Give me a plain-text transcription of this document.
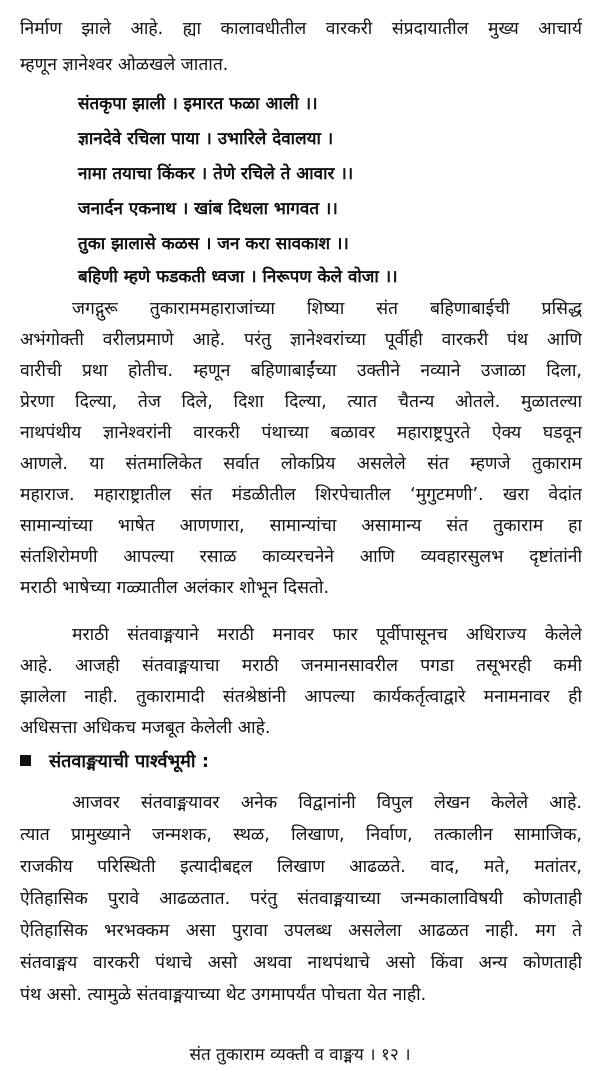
निर्माण झाले आहे. ह्या कालावधीतील वारकरी संप्रदायातील मुख्य आचार्य
म्हणून ज्ञानेश्वर ओळखले जातात.
संतकृपा झाली । इमारत फळा आली ।।
ज्ञानदेवे रचिला पाया । उभारिले देवालया ।
नामा तयाचा किंकर । तेणे रचिले ते आवार ।।
जनार्दन एकनाथ । खांब दिधला भागवत ।।
तुका झालासे कळस । जन करा सावकाश ।।
बहिणी म्हणे फडकती ध्वजा । निरूपण केले वोजा ।।
जगद्गुरू तुकाराममहाराजांच्या शिष्या संत बहिणाबाईची प्रसिद्ध
अभंगोक्ती वरीलप्रमाणे आहे. परंतु ज्ञानेश्वरांच्या पूर्वीही वारकरी पंथ आणि
वारीची प्रथा होतीच. म्हणून बहिणाबाईंच्या उक्तीने नव्याने उजाळा दिला,
प्रेरणा दिल्या, तेज दिले, दिशा दिल्या, त्यात चैतन्य ओतले. मुळातल्या
नाथपंथीय ज्ञानेश्वरांनी वारकरी पंथाच्या बळावर महाराष्ट्रपुरते ऐक्य घडवून
आणले. या संतमालिकेत सर्वात लोकप्रिय असलेले संत म्हणजे तुकाराम
महाराज. महाराष्ट्रातील संत मंडळीतील शिरपेचातील ‘मुगुटमणी’. खरा वेदांत
सामान्यांच्या भाषेत आणणारा, सामान्यांचा असामान्य संत तुकाराम हा
संतशिरोमणी आपल्या रसाळ काव्यरचनेने आणि व्यवहारसुलभ दृष्टांतांनी
मराठी भाषेच्या गळ्यातील अलंकार शोभून दिसतो.
मराठी संतवाङ्मयाने मराठी मनावर फार पूर्वीपासूनच अधिराज्य केलेले
आहे. आजही संतवाङ्मयाचा मराठी जनमानसावरील पगडा तसूभरही कमी
झालेला नाही. तुकारामादी संतश्रेष्ठांनी आपल्या कार्यकर्तृत्वाद्वारे मनामनावर ही
अधिसत्ता अधिकच मजबूत केलेली आहे.
संतवाङ्मयाची पार्श्वभूमी :
आजवर संतवाङ्मयावर अनेक विद्वानांनी विपुल लेखन केलेले आहे.
त्यात प्रामुख्याने जन्मशक, स्थळ, लिखाण, निर्वाण, तत्कालीन सामाजिक,
राजकीय परिस्थिती इत्यादीबद्दल लिखाण आढळते. वाद, मते, मतांतर,
ऐतिहासिक पुरावे आढळतात. परंतु संतवाङ्मयाच्या जन्मकालाविषयी कोणताही
ऐतिहासिक भरभक्कम असा पुरावा उपलब्ध असलेला आढळत नाही. मग ते
संतवाङ्मय वारकरी पंथाचे असो अथवा नाथपंथाचे असो किंवा अन्य कोणताही
पंथ असो. त्यामुळे संतवाङ्मयाच्या थेट उगमापर्यंत पोचता येत नाही.
संत तुकाराम व्यक्ती व वाङ्मय । १२ ।
